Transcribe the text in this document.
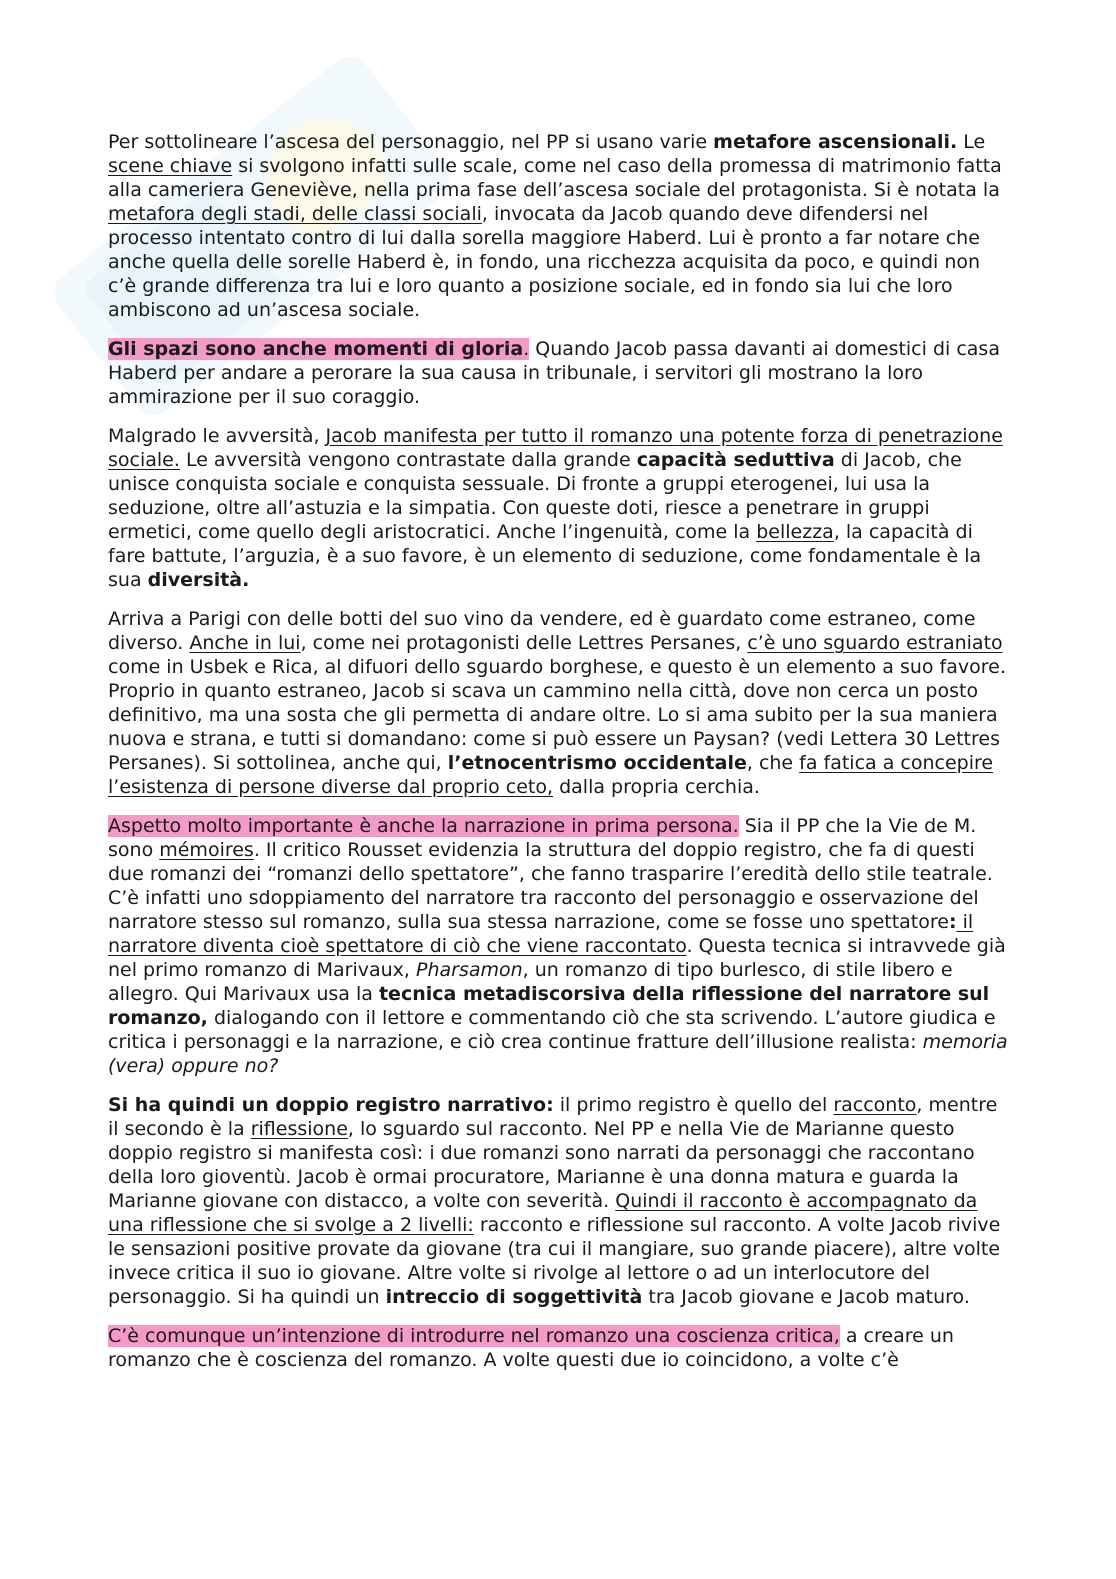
Per sottolineare l’ascesa del personaggio, nel PP si usano varie metafore ascensionali. Le scene chiave si svolgono infatti sulle scale, come nel caso della promessa di matrimonio fatta alla cameriera Geneviève, nella prima fase dell’ascesa sociale del protagonista. Si è notata la metafora degli stadi, delle classi sociali, invocata da Jacob quando deve difendersi nel processo intentato contro di lui dalla sorella maggiore Haberd. Lui è pronto a far notare che anche quella delle sorelle Haberd è, in fondo, una ricchezza acquisita da poco, e quindi non c’è grande differenza tra lui e loro quanto a posizione sociale, ed in fondo sia lui che loro ambiscono ad un’ascesa sociale.

Gli spazi sono anche momenti di gloria. Quando Jacob passa davanti ai domestici di casa Haberd per andare a perorare la sua causa in tribunale, i servitori gli mostrano la loro ammirazione per il suo coraggio.

Malgrado le avversità, Jacob manifesta per tutto il romanzo una potente forza di penetrazione sociale. Le avversità vengono contrastate dalla grande capacità seduttiva di Jacob, che unisce conquista sociale e conquista sessuale. Di fronte a gruppi eterogenei, lui usa la seduzione, oltre all’astuzia e la simpatia. Con queste doti, riesce a penetrare in gruppi ermetici, come quello degli aristocratici. Anche l’ingenuità, come la bellezza, la capacità di fare battute, l’arguzia, è a suo favore, è un elemento di seduzione, come fondamentale è la sua diversità.

Arriva a Parigi con delle botti del suo vino da vendere, ed è guardato come estraneo, come diverso. Anche in lui, come nei protagonisti delle Lettres Persanes, c’è uno sguardo estraniato come in Usbek e Rica, al difuori dello sguardo borghese, e questo è un elemento a suo favore. Proprio in quanto estraneo, Jacob si scava un cammino nella città, dove non cerca un posto definitivo, ma una sosta che gli permetta di andare oltre. Lo si ama subito per la sua maniera nuova e strana, e tutti si domandano: come si può essere un Paysan? (vedi Lettera 30 Lettres Persanes). Si sottolinea, anche qui, l’etnocentrismo occidentale, che fa fatica a concepire l’esistenza di persone diverse dal proprio ceto, dalla propria cerchia.

Aspetto molto importante è anche la narrazione in prima persona. Sia il PP che la Vie de M. sono mémoires. Il critico Rousset evidenzia la struttura del doppio registro, che fa di questi due romanzi dei “romanzi dello spettatore”, che fanno trasparire l’eredità dello stile teatrale. C’è infatti uno sdoppiamento del narratore tra racconto del personaggio e osservazione del narratore stesso sul romanzo, sulla sua stessa narrazione, come se fosse uno spettatore: il narratore diventa cioè spettatore di ciò che viene raccontato. Questa tecnica si intravvede già nel primo romanzo di Marivaux, Pharsamon, un romanzo di tipo burlesco, di stile libero e allegro. Qui Marivaux usa la tecnica metadiscorsiva della riflessione del narratore sul romanzo, dialogando con il lettore e commentando ciò che sta scrivendo. L’autore giudica e critica i personaggi e la narrazione, e ciò crea continue fratture dell’illusione realista: memoria (vera) oppure no?

Si ha quindi un doppio registro narrativo: il primo registro è quello del racconto, mentre il secondo è la riflessione, lo sguardo sul racconto. Nel PP e nella Vie de Marianne questo doppio registro si manifesta così: i due romanzi sono narrati da personaggi che raccontano della loro gioventù. Jacob è ormai procuratore, Marianne è una donna matura e guarda la Marianne giovane con distacco, a volte con severità. Quindi il racconto è accompagnato da una riflessione che si svolge a 2 livelli: racconto e riflessione sul racconto. A volte Jacob rivive le sensazioni positive provate da giovane (tra cui il mangiare, suo grande piacere), altre volte invece critica il suo io giovane. Altre volte si rivolge al lettore o ad un interlocutore del personaggio. Si ha quindi un intreccio di soggettività tra Jacob giovane e Jacob maturo.

C’è comunque un’intenzione di introdurre nel romanzo una coscienza critica, a creare un romanzo che è coscienza del romanzo. A volte questi due io coincidono, a volte c’è
